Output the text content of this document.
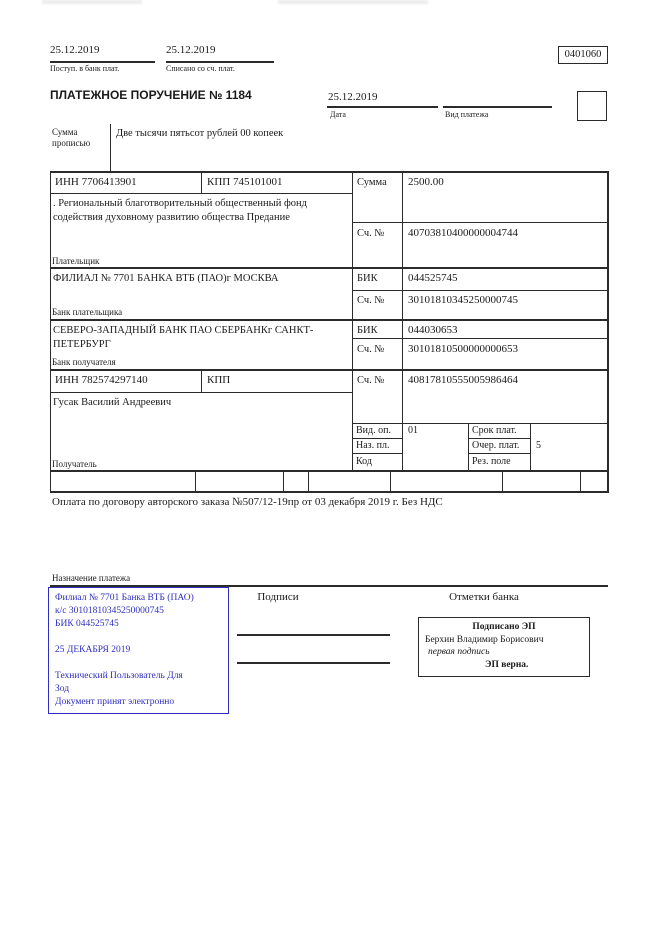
25.12.2019
Поступ. в банк плат.
25.12.2019
Списано со сч. плат.
0401060
ПЛАТЕЖНОЕ ПОРУЧЕНИЕ № 1184	25.12.2019
Дата	Вид платежа
Сумма
прописью
Две тысячи пятьсот рублей 00 копеек
ИНН 7706413901	КПП 745101001	Сумма 2500.00
. Региональный благотворительный общественный фонд содействия духовному развитию общества Предание
Сч. № 40703810400000004744
Плательщик
ФИЛИАЛ № 7701 БАНКА ВТБ (ПАО)г МОСКВА	БИК	044525745
Сч. № 30101810345250000745
Банк плательщика
СЕВЕРО-ЗАПАДНЫЙ БАНК ПАО СБЕРБАНКг САНКТ-ПЕТЕРБУРГ
БИК	044030653
Сч. № 30101810500000000653
Банк получателя
ИНН 782574297140	КПП	Сч. № 40817810555005986464
Гусак Василий Андреевич
Вид. оп. 01	Срок плат.
Наз. пл.	Очер. плат. 5
Код	Рез. поле
Получатель
Оплата по договору авторского заказа №507/12-19пр от 03 декабря 2019 г. Без НДС
Назначение платежа
Филиал № 7701 Банка ВТБ (ПАО)
к/с 30101810345250000745
БИК 044525745
25 ДЕКАБРЯ 2019
Технический Пользователь Для
Зод
Документ принят электронно
Подписи	Отметки банка
Подписано ЭП
Берхин Владимир Борисович
первая подпись
ЭП верна.
